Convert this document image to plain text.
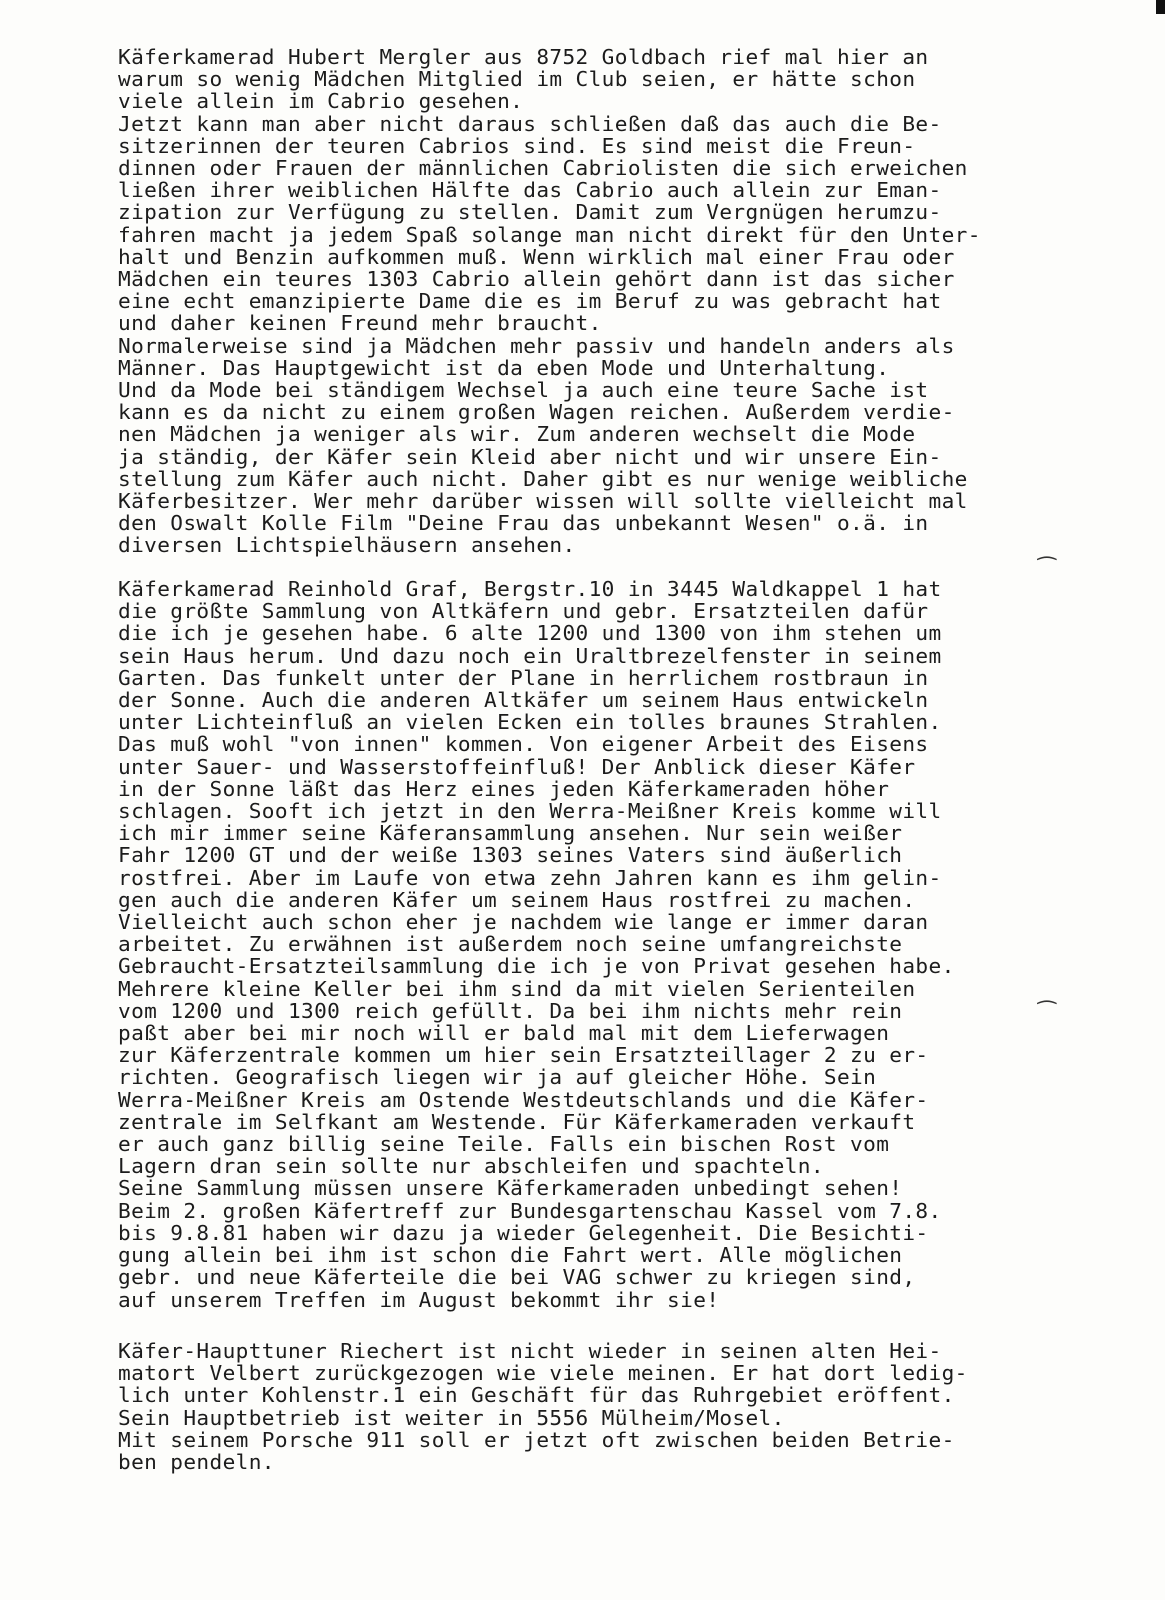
Käferkamerad Hubert Mergler aus 8752 Goldbach rief mal hier an
warum so wenig Mädchen Mitglied im Club seien, er hätte schon
viele allein im Cabrio gesehen.
Jetzt kann man aber nicht daraus schließen daß das auch die Be-
sitzerinnen der teuren Cabrios sind. Es sind meist die Freun-
dinnen oder Frauen der männlichen Cabriolisten die sich erweichen
ließen ihrer weiblichen Hälfte das Cabrio auch allein zur Eman-
zipation zur Verfügung zu stellen. Damit zum Vergnügen herumzu-
fahren macht ja jedem Spaß solange man nicht direkt für den Unter-
halt und Benzin aufkommen muß. Wenn wirklich mal einer Frau oder
Mädchen ein teures 1303 Cabrio allein gehört dann ist das sicher
eine echt emanzipierte Dame die es im Beruf zu was gebracht hat
und daher keinen Freund mehr braucht.
Normalerweise sind ja Mädchen mehr passiv und handeln anders als
Männer. Das Hauptgewicht ist da eben Mode und Unterhaltung.
Und da Mode bei ständigem Wechsel ja auch eine teure Sache ist
kann es da nicht zu einem großen Wagen reichen. Außerdem verdie-
nen Mädchen ja weniger als wir. Zum anderen wechselt die Mode
ja ständig, der Käfer sein Kleid aber nicht und wir unsere Ein-
stellung zum Käfer auch nicht. Daher gibt es nur wenige weibliche
Käferbesitzer. Wer mehr darüber wissen will sollte vielleicht mal
den Oswalt Kolle Film "Deine Frau das unbekannt Wesen" o.ä. in
diversen Lichtspielhäusern ansehen.

⁀

Käferkamerad Reinhold Graf, Bergstr.10 in 3445 Waldkappel 1 hat
die größte Sammlung von Altkäfern und gebr. Ersatzteilen dafür
die ich je gesehen habe. 6 alte 1200 und 1300 von ihm stehen um
sein Haus herum. Und dazu noch ein Uraltbrezelfenster in seinem
Garten. Das funkelt unter der Plane in herrlichem rostbraun in
der Sonne. Auch die anderen Altkäfer um seinem Haus entwickeln
unter Lichteinfluß an vielen Ecken ein tolles braunes Strahlen.
Das muß wohl "von innen" kommen. Von eigener Arbeit des Eisens
unter Sauer- und Wasserstoffeinfluß! Der Anblick dieser Käfer
in der Sonne läßt das Herz eines jeden Käferkameraden höher
schlagen. Sooft ich jetzt in den Werra-Meißner Kreis komme will
ich mir immer seine Käferansammlung ansehen. Nur sein weißer
Fahr 1200 GT und der weiße 1303 seines Vaters sind äußerlich
rostfrei. Aber im Laufe von etwa zehn Jahren kann es ihm gelin-
gen auch die anderen Käfer um seinem Haus rostfrei zu machen.
Vielleicht auch schon eher je nachdem wie lange er immer daran
arbeitet. Zu erwähnen ist außerdem noch seine umfangreichste
Gebraucht-Ersatzteilsammlung die ich je von Privat gesehen habe.
Mehrere kleine Keller bei ihm sind da mit vielen Serienteilen
vom 1200 und 1300 reich gefüllt. Da bei ihm nichts mehr rein
paßt aber bei mir noch will er bald mal mit dem Lieferwagen
zur Käferzentrale kommen um hier sein Ersatzteillager 2 zu er-
richten. Geografisch liegen wir ja auf gleicher Höhe. Sein
Werra-Meißner Kreis am Ostende Westdeutschlands und die Käfer-
zentrale im Selfkant am Westende. Für Käferkameraden verkauft
er auch ganz billig seine Teile. Falls ein bischen Rost vom
Lagern dran sein sollte nur abschleifen und spachteln.
Seine Sammlung müssen unsere Käferkameraden unbedingt sehen!
Beim 2. großen Käfertreff zur Bundesgartenschau Kassel vom 7.8.
bis 9.8.81 haben wir dazu ja wieder Gelegenheit. Die Besichti-
gung allein bei ihm ist schon die Fahrt wert. Alle möglichen
gebr. und neue Käferteile die bei VAG schwer zu kriegen sind,
auf unserem Treffen im August bekommt ihr sie!

⁀

Käfer-Haupttuner Riechert ist nicht wieder in seinen alten Hei-
matort Velbert zurückgezogen wie viele meinen. Er hat dort ledig-
lich unter Kohlenstr.1 ein Geschäft für das Ruhrgebiet eröffent.
Sein Hauptbetrieb ist weiter in 5556 Mülheim/Mosel.
Mit seinem Porsche 911 soll er jetzt oft zwischen beiden Betrie-
ben pendeln.
